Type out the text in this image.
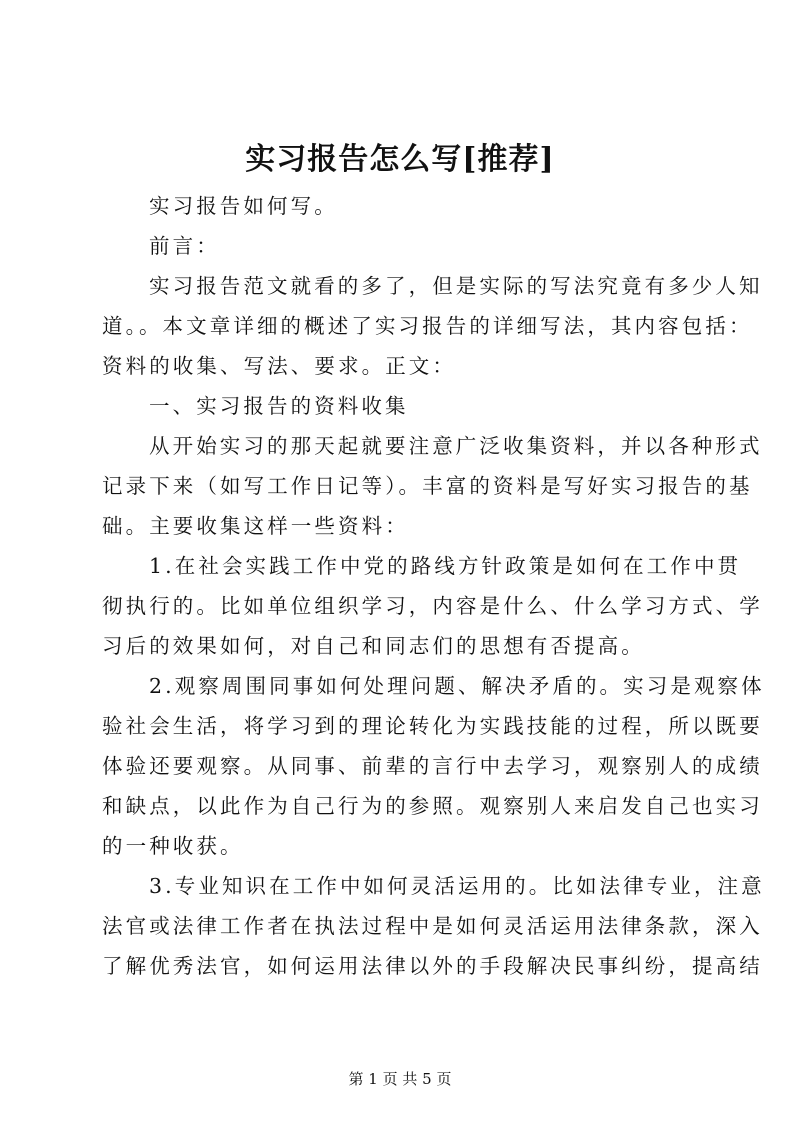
实习报告怎么写[推荐]
实习报告如何写。
前言：
实习报告范文就看的多了，但是实际的写法究竟有多少人知
道。。本文章详细的概述了实习报告的详细写法，其内容包括：
资料的收集、写法、要求。正文：
一、实习报告的资料收集
从开始实习的那天起就要注意广泛收集资料，并以各种形式
记录下来（如写工作日记等）。丰富的资料是写好实习报告的基
础。主要收集这样一些资料：
1.在社会实践工作中党的路线方针政策是如何在工作中贯
彻执行的。比如单位组织学习，内容是什么、什么学习方式、学
习后的效果如何，对自己和同志们的思想有否提高。
2.观察周围同事如何处理问题、解决矛盾的。实习是观察体
验社会生活，将学习到的理论转化为实践技能的过程，所以既要
体验还要观察。从同事、前辈的言行中去学习，观察别人的成绩
和缺点，以此作为自己行为的参照。观察别人来启发自己也实习
的一种收获。
3.专业知识在工作中如何灵活运用的。比如法律专业，注意
法官或法律工作者在执法过程中是如何灵活运用法律条款，深入
了解优秀法官，如何运用法律以外的手段解决民事纠纷，提高结
第 1 页 共 5 页
